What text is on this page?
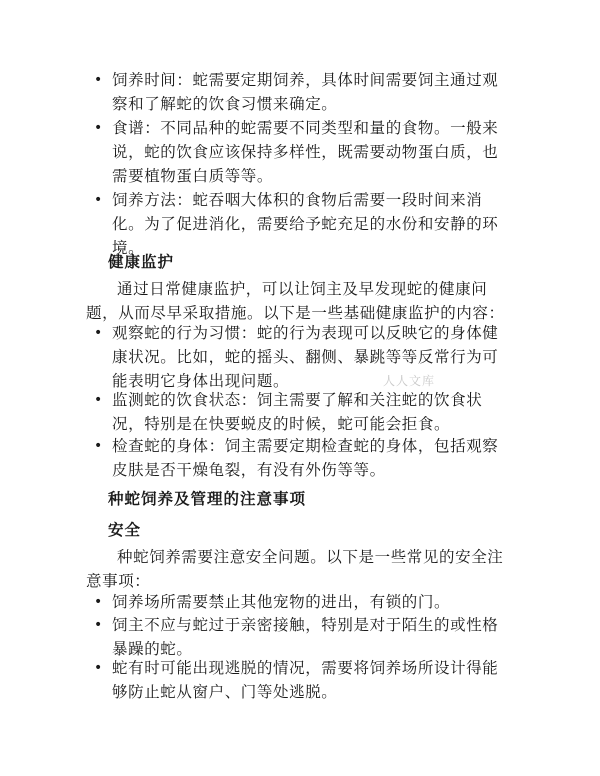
• 饲养时间：蛇需要定期饲养，具体时间需要饲主通过观察和了解蛇的饮食习惯来确定。
• 食谱：不同品种的蛇需要不同类型和量的食物。一般来说，蛇的饮食应该保持多样性，既需要动物蛋白质，也需要植物蛋白质等等。
• 饲养方法：蛇吞咽大体积的食物后需要一段时间来消化。为了促进消化，需要给予蛇充足的水份和安静的环境。
健康监护

通过日常健康监护，可以让饲主及早发现蛇的健康问题，从而尽早采取措施。以下是一些基础健康监护的内容：

• 观察蛇的行为习惯：蛇的行为表现可以反映它的身体健康状况。比如，蛇的摇头、翻侧、暴跳等等反常行为可能表明它身体出现问题。
• 监测蛇的饮食状态：饲主需要了解和关注蛇的饮食状况，特别是在快要蜕皮的时候，蛇可能会拒食。
• 检查蛇的身体：饲主需要定期检查蛇的身体，包括观察皮肤是否干燥龟裂，有没有外伤等等。
人人文库
种蛇饲养及管理的注意事项
安全

种蛇饲养需要注意安全问题。以下是一些常见的安全注意事项：

• 饲养场所需要禁止其他宠物的进出，有锁的门。
• 饲主不应与蛇过于亲密接触，特别是对于陌生的或性格暴躁的蛇。
• 蛇有时可能出现逃脱的情况，需要将饲养场所设计得能够防止蛇从窗户、门等处逃脱。
